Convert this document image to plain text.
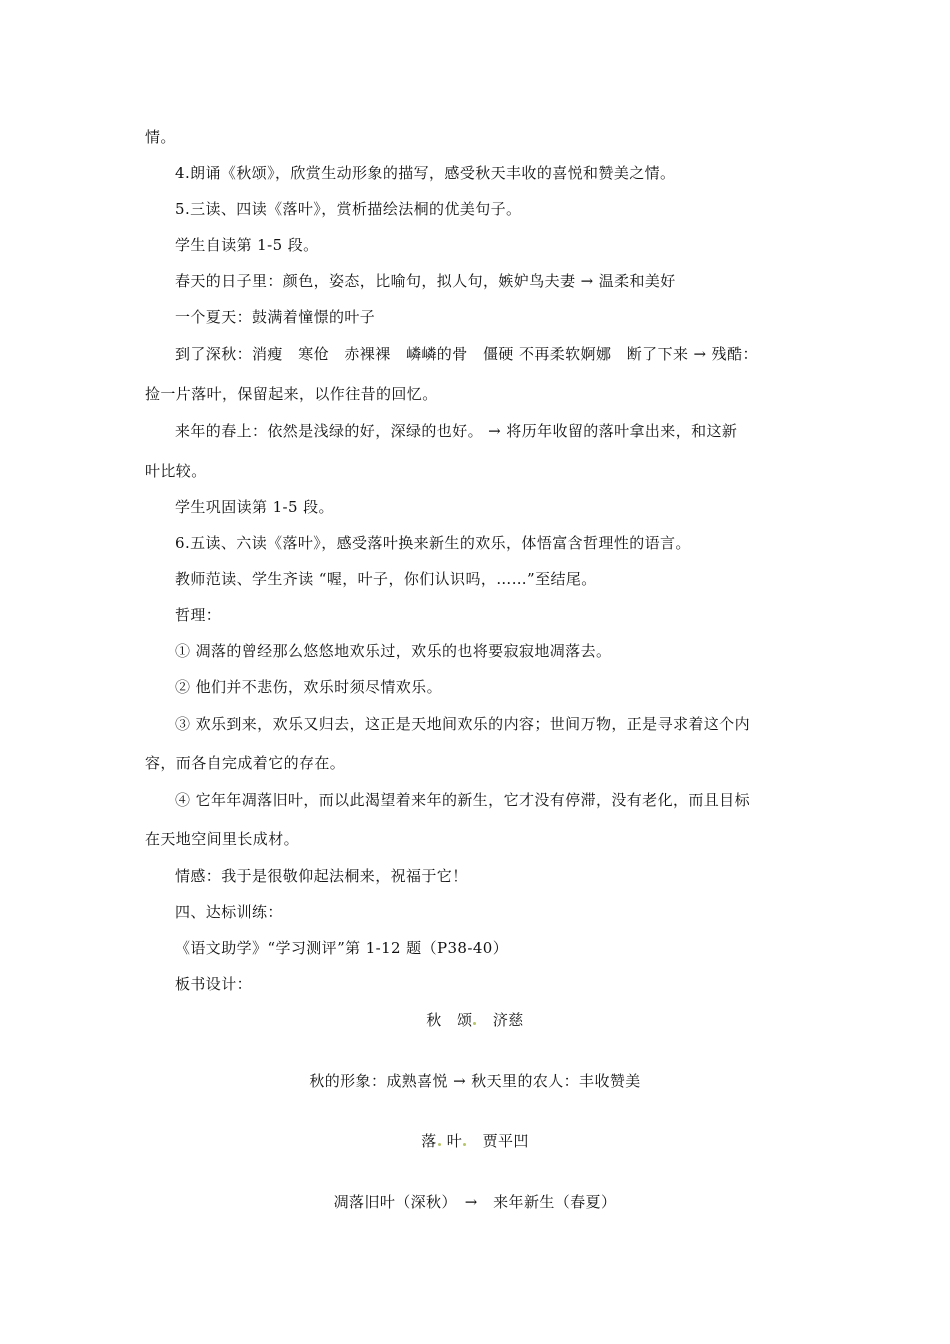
情。
4.朗诵《秋颂》，欣赏生动形象的描写，感受秋天丰收的喜悦和赞美之情。
5.三读、四读《落叶》，赏析描绘法桐的优美句子。
学生自读第 1-5 段。
春天的日子里：颜色，姿态，比喻句，拟人句，嫉妒鸟夫妻 → 温柔和美好
一个夏天：鼓满着憧憬的叶子
到了深秋：消瘦　寒伧　赤裸裸　嶙嶙的骨　僵硬 不再柔软婀娜　断了下来 → 残酷：
捡一片落叶，保留起来，以作往昔的回忆。
来年的春上：依然是浅绿的好，深绿的也好。 → 将历年收留的落叶拿出来，和这新
叶比较。
学生巩固读第 1-5 段。
6.五读、六读《落叶》，感受落叶换来新生的欢乐，体悟富含哲理性的语言。
教师范读、学生齐读 “喔，叶子，你们认识吗，……”至结尾。
哲理：
① 凋落的曾经那么悠悠地欢乐过，欢乐的也将要寂寂地凋落去。
② 他们并不悲伤，欢乐时须尽情欢乐。
③ 欢乐到来，欢乐又归去，这正是天地间欢乐的内容；世间万物，正是寻求着这个内
容，而各自完成着它的存在。
④ 它年年凋落旧叶，而以此渴望着来年的新生，它才没有停滞，没有老化，而且目标
在天地空间里长成材。
情感：我于是很敬仰起法桐来，祝福于它！
四、达标训练：
《语文助学》“学习测评”第 1-12 题（P38-40）
板书设计：
秋　颂　 济慈
秋的形象：成熟喜悦 → 秋天里的农人：丰收赞美
落 叶　 贾平凹
凋落旧叶（深秋）　 →　 来年新生（春夏）
